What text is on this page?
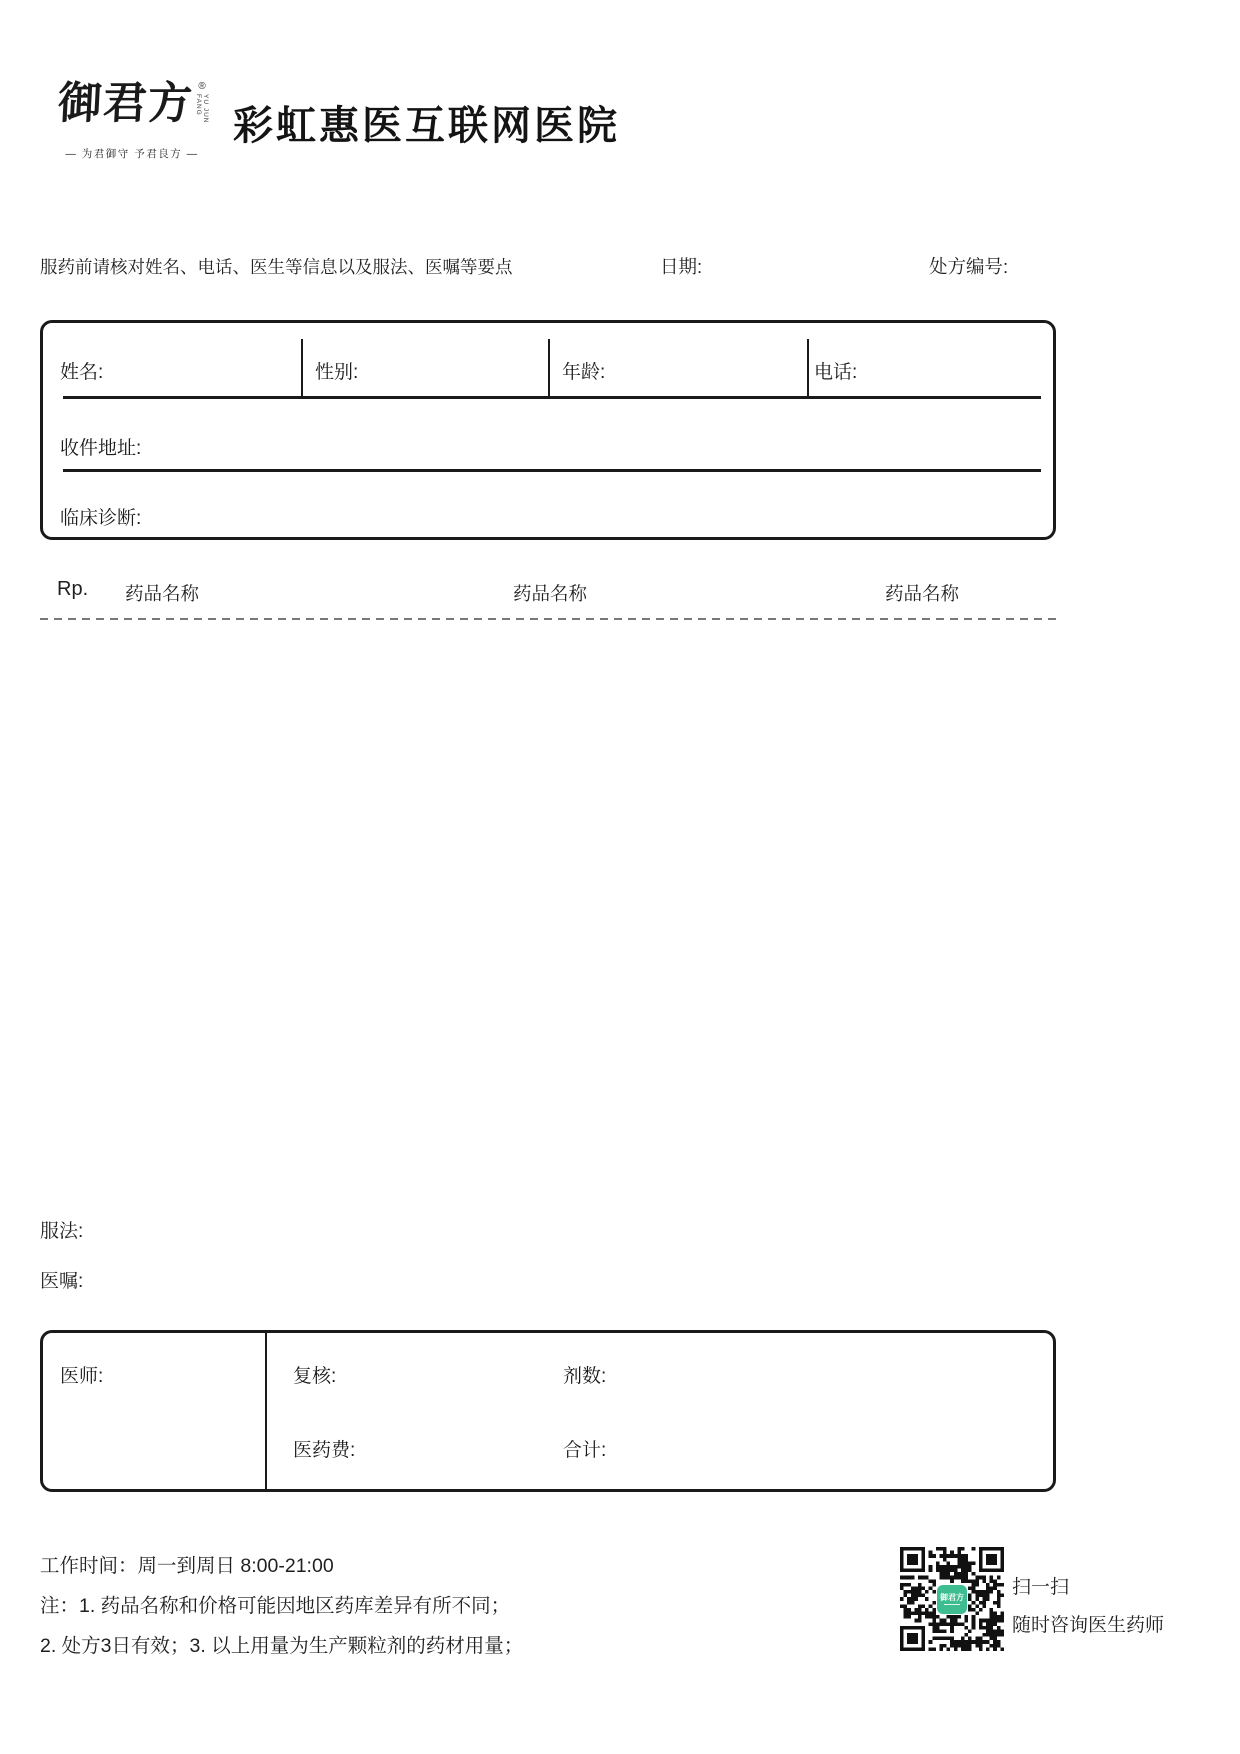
御君方 ®
YU JUN FANG
— 为君御守 予君良方 —
彩虹惠医互联网医院
服药前请核对姓名、电话、医生等信息以及服法、医嘱等要点	日期:	处方编号:
姓名:	性别:	年龄:	电话:
收件地址:
临床诊断:
Rp. 药品名称	药品名称	药品名称
服法:
医嘱:
医师:	复核:	剂数:
医药费:	合计:
工作时间：周一到周日 8:00-21:00
注：1. 药品名称和价格可能因地区药库差异有所不同；
2. 处方3日有效；3. 以上用量为生产颗粒剂的药材用量；
御君方	扫一扫
随时咨询医生药师
